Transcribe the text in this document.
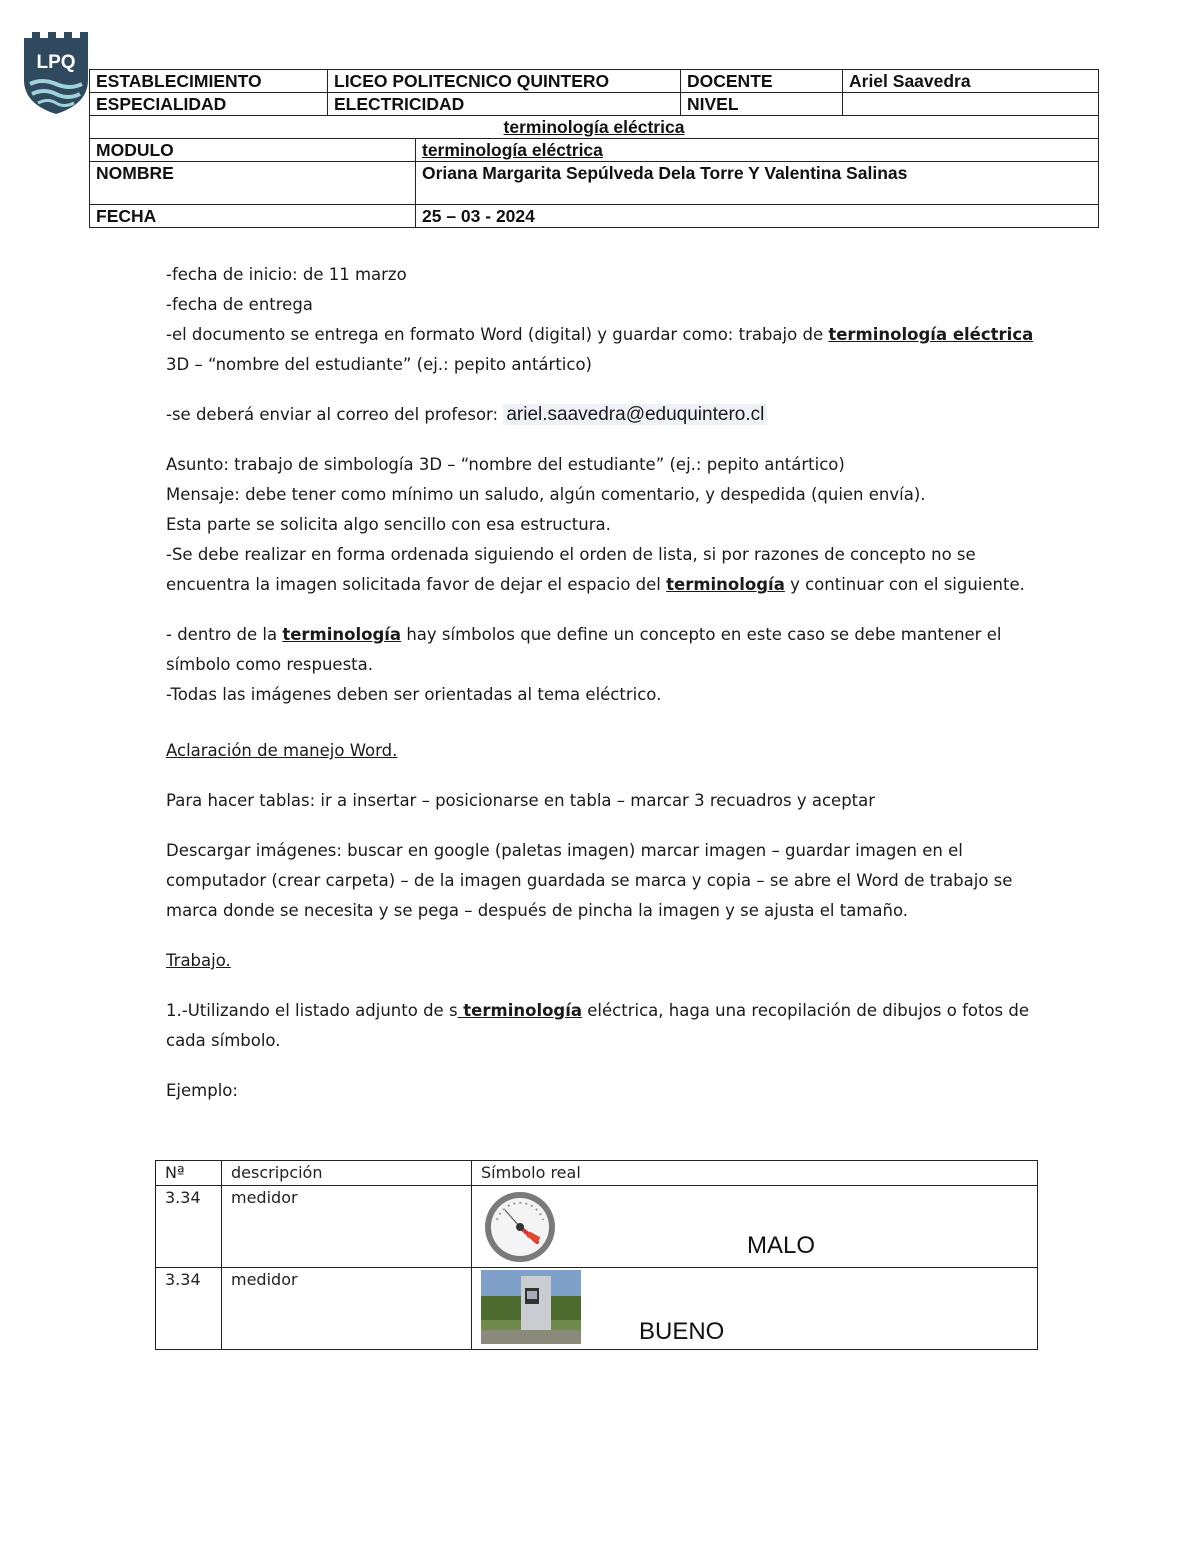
LPQ
ESTABLECIMIENTO	LICEO POLITECNICO QUINTERO		DOCENTE	Ariel Saavedra
ESPECIALIDAD	ELECTRICIDAD		NIVEL	
terminología eléctrica				
MODULO		terminología eléctrica		
NOMBRE		Oriana Margarita Sepúlveda Dela Torre Y Valentina Salinas		
FECHA		25 – 03 - 2024		

-fecha de inicio: de 11 marzo

-fecha de entrega

-el documento se entrega en formato Word (digital) y guardar como: trabajo de terminología eléctrica 3D – “nombre del estudiante” (ej.: pepito antártico)

-se deberá enviar al correo del profesor: ariel.saavedra@eduquintero.cl

Asunto: trabajo de simbología 3D – “nombre del estudiante” (ej.: pepito antártico)

Mensaje: debe tener como mínimo un saludo, algún comentario, y despedida (quien envía).

Esta parte se solicita algo sencillo con esa estructura.

-Se debe realizar en forma ordenada siguiendo el orden de lista, si por razones de concepto no se encuentra la imagen solicitada favor de dejar el espacio del terminología y continuar con el siguiente.

- dentro de la terminología hay símbolos que define un concepto en este caso se debe mantener el símbolo como respuesta.

-Todas las imágenes deben ser orientadas al tema eléctrico.

Aclaración de manejo Word.

Para hacer tablas: ir a insertar – posicionarse en tabla – marcar 3 recuadros y aceptar

Descargar imágenes: buscar en google (paletas imagen) marcar imagen – guardar imagen en el computador (crear carpeta) – de la imagen guardada se marca y copia – se abre el Word de trabajo se marca donde se necesita y se pega – después de pincha la imagen y se ajusta el tamaño.

Trabajo.

1.-Utilizando el listado adjunto de s terminología eléctrica, haga una recopilación de dibujos o fotos de cada símbolo.

Ejemplo:

Nª	descripción	Símbolo real
3.34	medidor	MALO

3.34	medidor	BUENO
